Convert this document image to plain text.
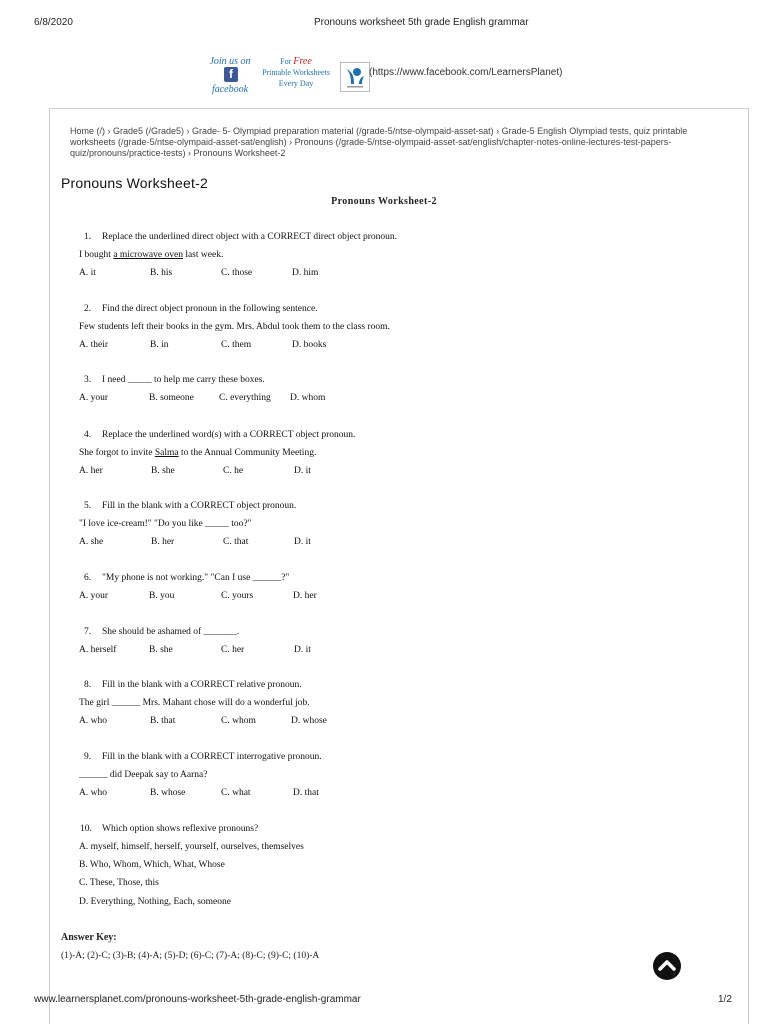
6/8/2020	Pronouns worksheet 5th grade English grammar
Join us on
f
facebook
For Free
Printable Worksheets
Every Day
(https://www.facebook.com/LearnersPlanet)
Home (/) › Grade5 (/Grade5) › Grade- 5- Olympiad preparation material (/grade-5/ntse-olympaid-asset-sat) › Grade-5 English Olympiad tests, quiz printable worksheets (/grade-5/ntse-olympaid-asset-sat/english) › Pronouns (/grade-5/ntse-olympaid-asset-sat/english/chapter-notes-online-lectures-test-papers-quiz/pronouns/practice-tests) › Pronouns Worksheet-2
Pronouns Worksheet-2
Pronouns Worksheet-2
1. Replace the underlined direct object with a CORRECT direct object pronoun.
I bought a microwave oven last week.
A. it	B. his	C. those	D. him
2. Find the direct object pronoun in the following sentence.
Few students left their books in the gym. Mrs. Abdul took them to the class room.
A. their	B. in	C. them	D. books
3. I need _____ to help me carry these boxes.
A. your	B. someone	C. everything D. whom
4. Replace the underlined word(s) with a CORRECT object pronoun.
She forgot to invite Salma to the Annual Community Meeting.
A. her	B. she	C. he	D. it
5. Fill in the blank with a CORRECT object pronoun.
"I love ice-cream!" "Do you like _____ too?"
A. she	B. her	C. that	D. it
6. "My phone is not working." "Can I use ______?"
A. your	B. you	C. yours	D. her
7. She should be ashamed of _______.
A. herself	B. she	C. her	D. it
8. Fill in the blank with a CORRECT relative pronoun.
The girl ______ Mrs. Mahant chose will do a wonderful job.
A. who	B. that	C. whom	D. whose
9. Fill in the blank with a CORRECT interrogative pronoun.
______ did Deepak say to Aarna?
A. who	B. whose	C. what	D. that
10. Which option shows reflexive pronouns?
A. myself, himself, herself, yourself, ourselves, themselves
B. Who, Whom, Which, What, Whose
C. These, Those, this
D. Everything, Nothing, Each, someone
Answer Key:
(1)-A; (2)-C; (3)-B; (4)-A; (5)-D; (6)-C; (7)-A; (8)-C; (9)-C; (10)-A
www.learnersplanet.com/pronouns-worksheet-5th-grade-english-grammar	1/2
